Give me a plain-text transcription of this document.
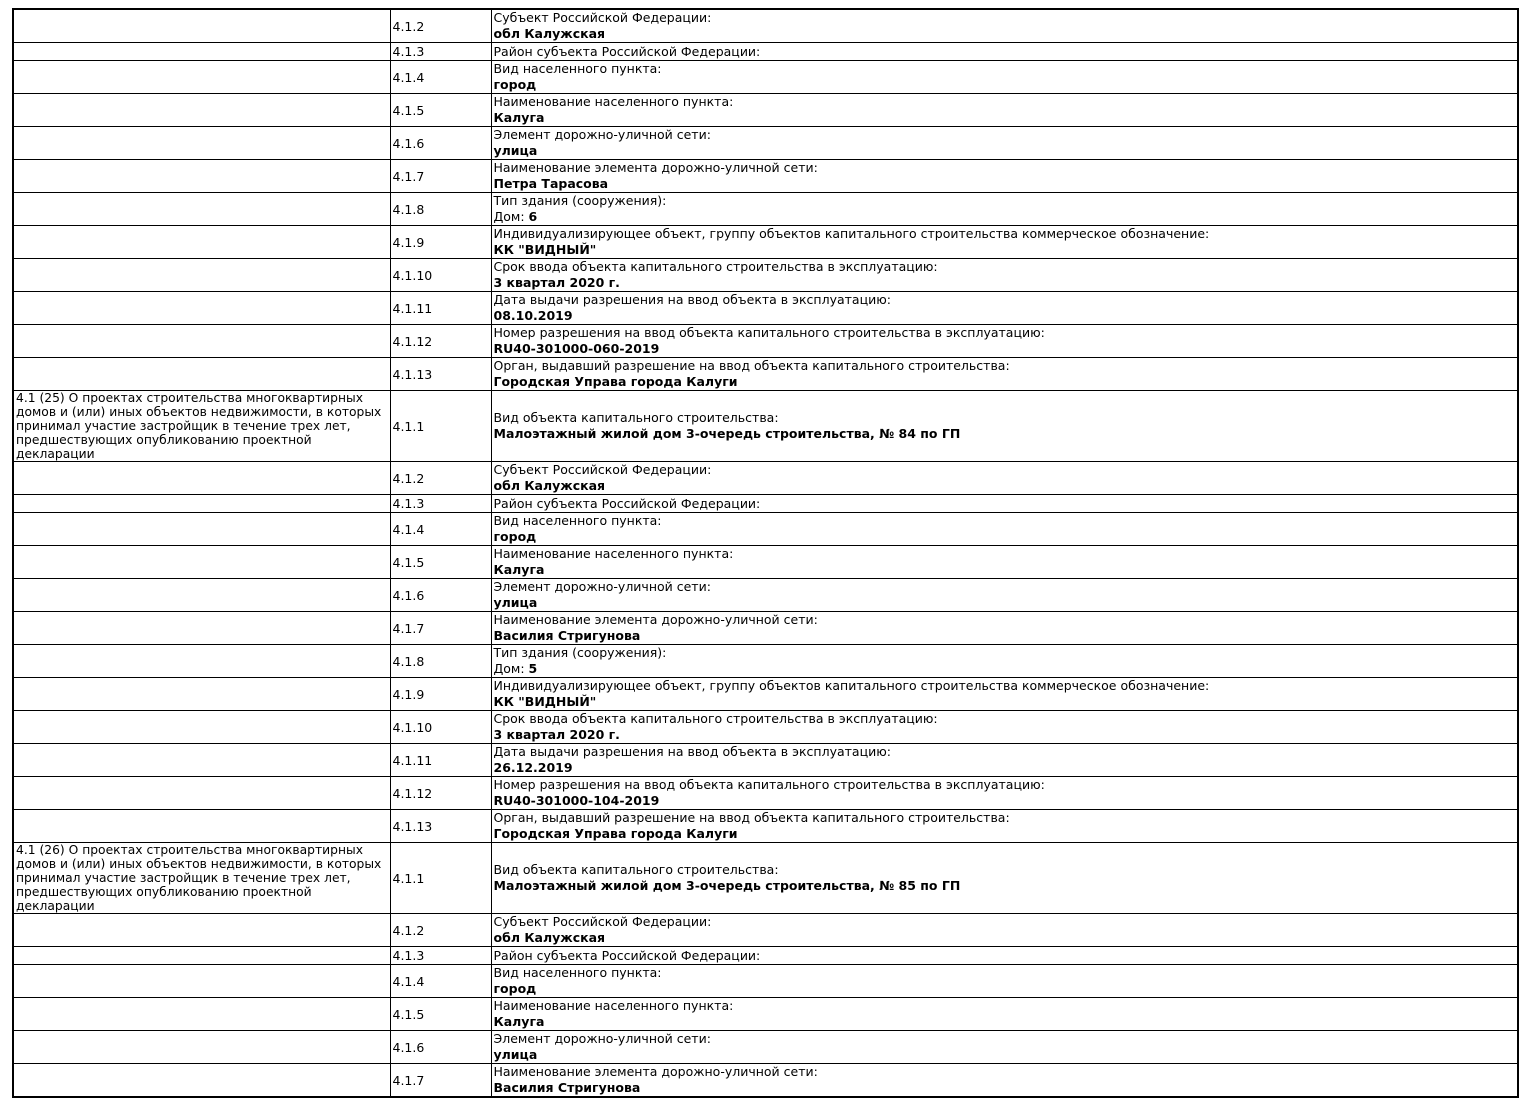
	4.1.2	Субъект Российской Федерации:
обл Калужская

	4.1.3	Район субъекта Российской Федерации:

	4.1.4	Вид населенного пункта:
город

	4.1.5	Наименование населенного пункта:
Калуга

	4.1.6	Элемент дорожно-уличной сети:
улица

	4.1.7	Наименование элемента дорожно-уличной сети:
Петра Тарасова

	4.1.8	Тип здания (сооружения):
Дом: 6

	4.1.9	Индивидуализирующее объект, группу объектов капитального строительства коммерческое обозначение:
КК "ВИДНЫЙ"

	4.1.10	Срок ввода объекта капитального строительства в эксплуатацию:
3 квартал 2020 г.

	4.1.11	Дата выдачи разрешения на ввод объекта в эксплуатацию:
08.10.2019

	4.1.12	Номер разрешения на ввод объекта капитального строительства в эксплуатацию:
RU40-301000-060-2019

	4.1.13	Орган, выдавший разрешение на ввод объекта капитального строительства:
Городская Управа города Калуги

4.1 (25) О проектах строительства многоквартирных домов и (или) иных объектов недвижимости, в которых принимал участие застройщик в течение трех лет, предшествующих опубликованию проектной декларации	4.1.1	Вид объекта капитального строительства:
Малоэтажный жилой дом 3-очередь строительства, № 84 по ГП

	4.1.2	Субъект Российской Федерации:
обл Калужская

	4.1.3	Район субъекта Российской Федерации:

	4.1.4	Вид населенного пункта:
город

	4.1.5	Наименование населенного пункта:
Калуга

	4.1.6	Элемент дорожно-уличной сети:
улица

	4.1.7	Наименование элемента дорожно-уличной сети:
Василия Стригунова

	4.1.8	Тип здания (сооружения):
Дом: 5

	4.1.9	Индивидуализирующее объект, группу объектов капитального строительства коммерческое обозначение:
КК "ВИДНЫЙ"

	4.1.10	Срок ввода объекта капитального строительства в эксплуатацию:
3 квартал 2020 г.

	4.1.11	Дата выдачи разрешения на ввод объекта в эксплуатацию:
26.12.2019

	4.1.12	Номер разрешения на ввод объекта капитального строительства в эксплуатацию:
RU40-301000-104-2019

	4.1.13	Орган, выдавший разрешение на ввод объекта капитального строительства:
Городская Управа города Калуги

4.1 (26) О проектах строительства многоквартирных домов и (или) иных объектов недвижимости, в которых принимал участие застройщик в течение трех лет, предшествующих опубликованию проектной декларации	4.1.1	Вид объекта капитального строительства:
Малоэтажный жилой дом 3-очередь строительства, № 85 по ГП

	4.1.2	Субъект Российской Федерации:
обл Калужская

	4.1.3	Район субъекта Российской Федерации:

	4.1.4	Вид населенного пункта:
город

	4.1.5	Наименование населенного пункта:
Калуга

	4.1.6	Элемент дорожно-уличной сети:
улица

	4.1.7	Наименование элемента дорожно-уличной сети:
Василия Стригунова
